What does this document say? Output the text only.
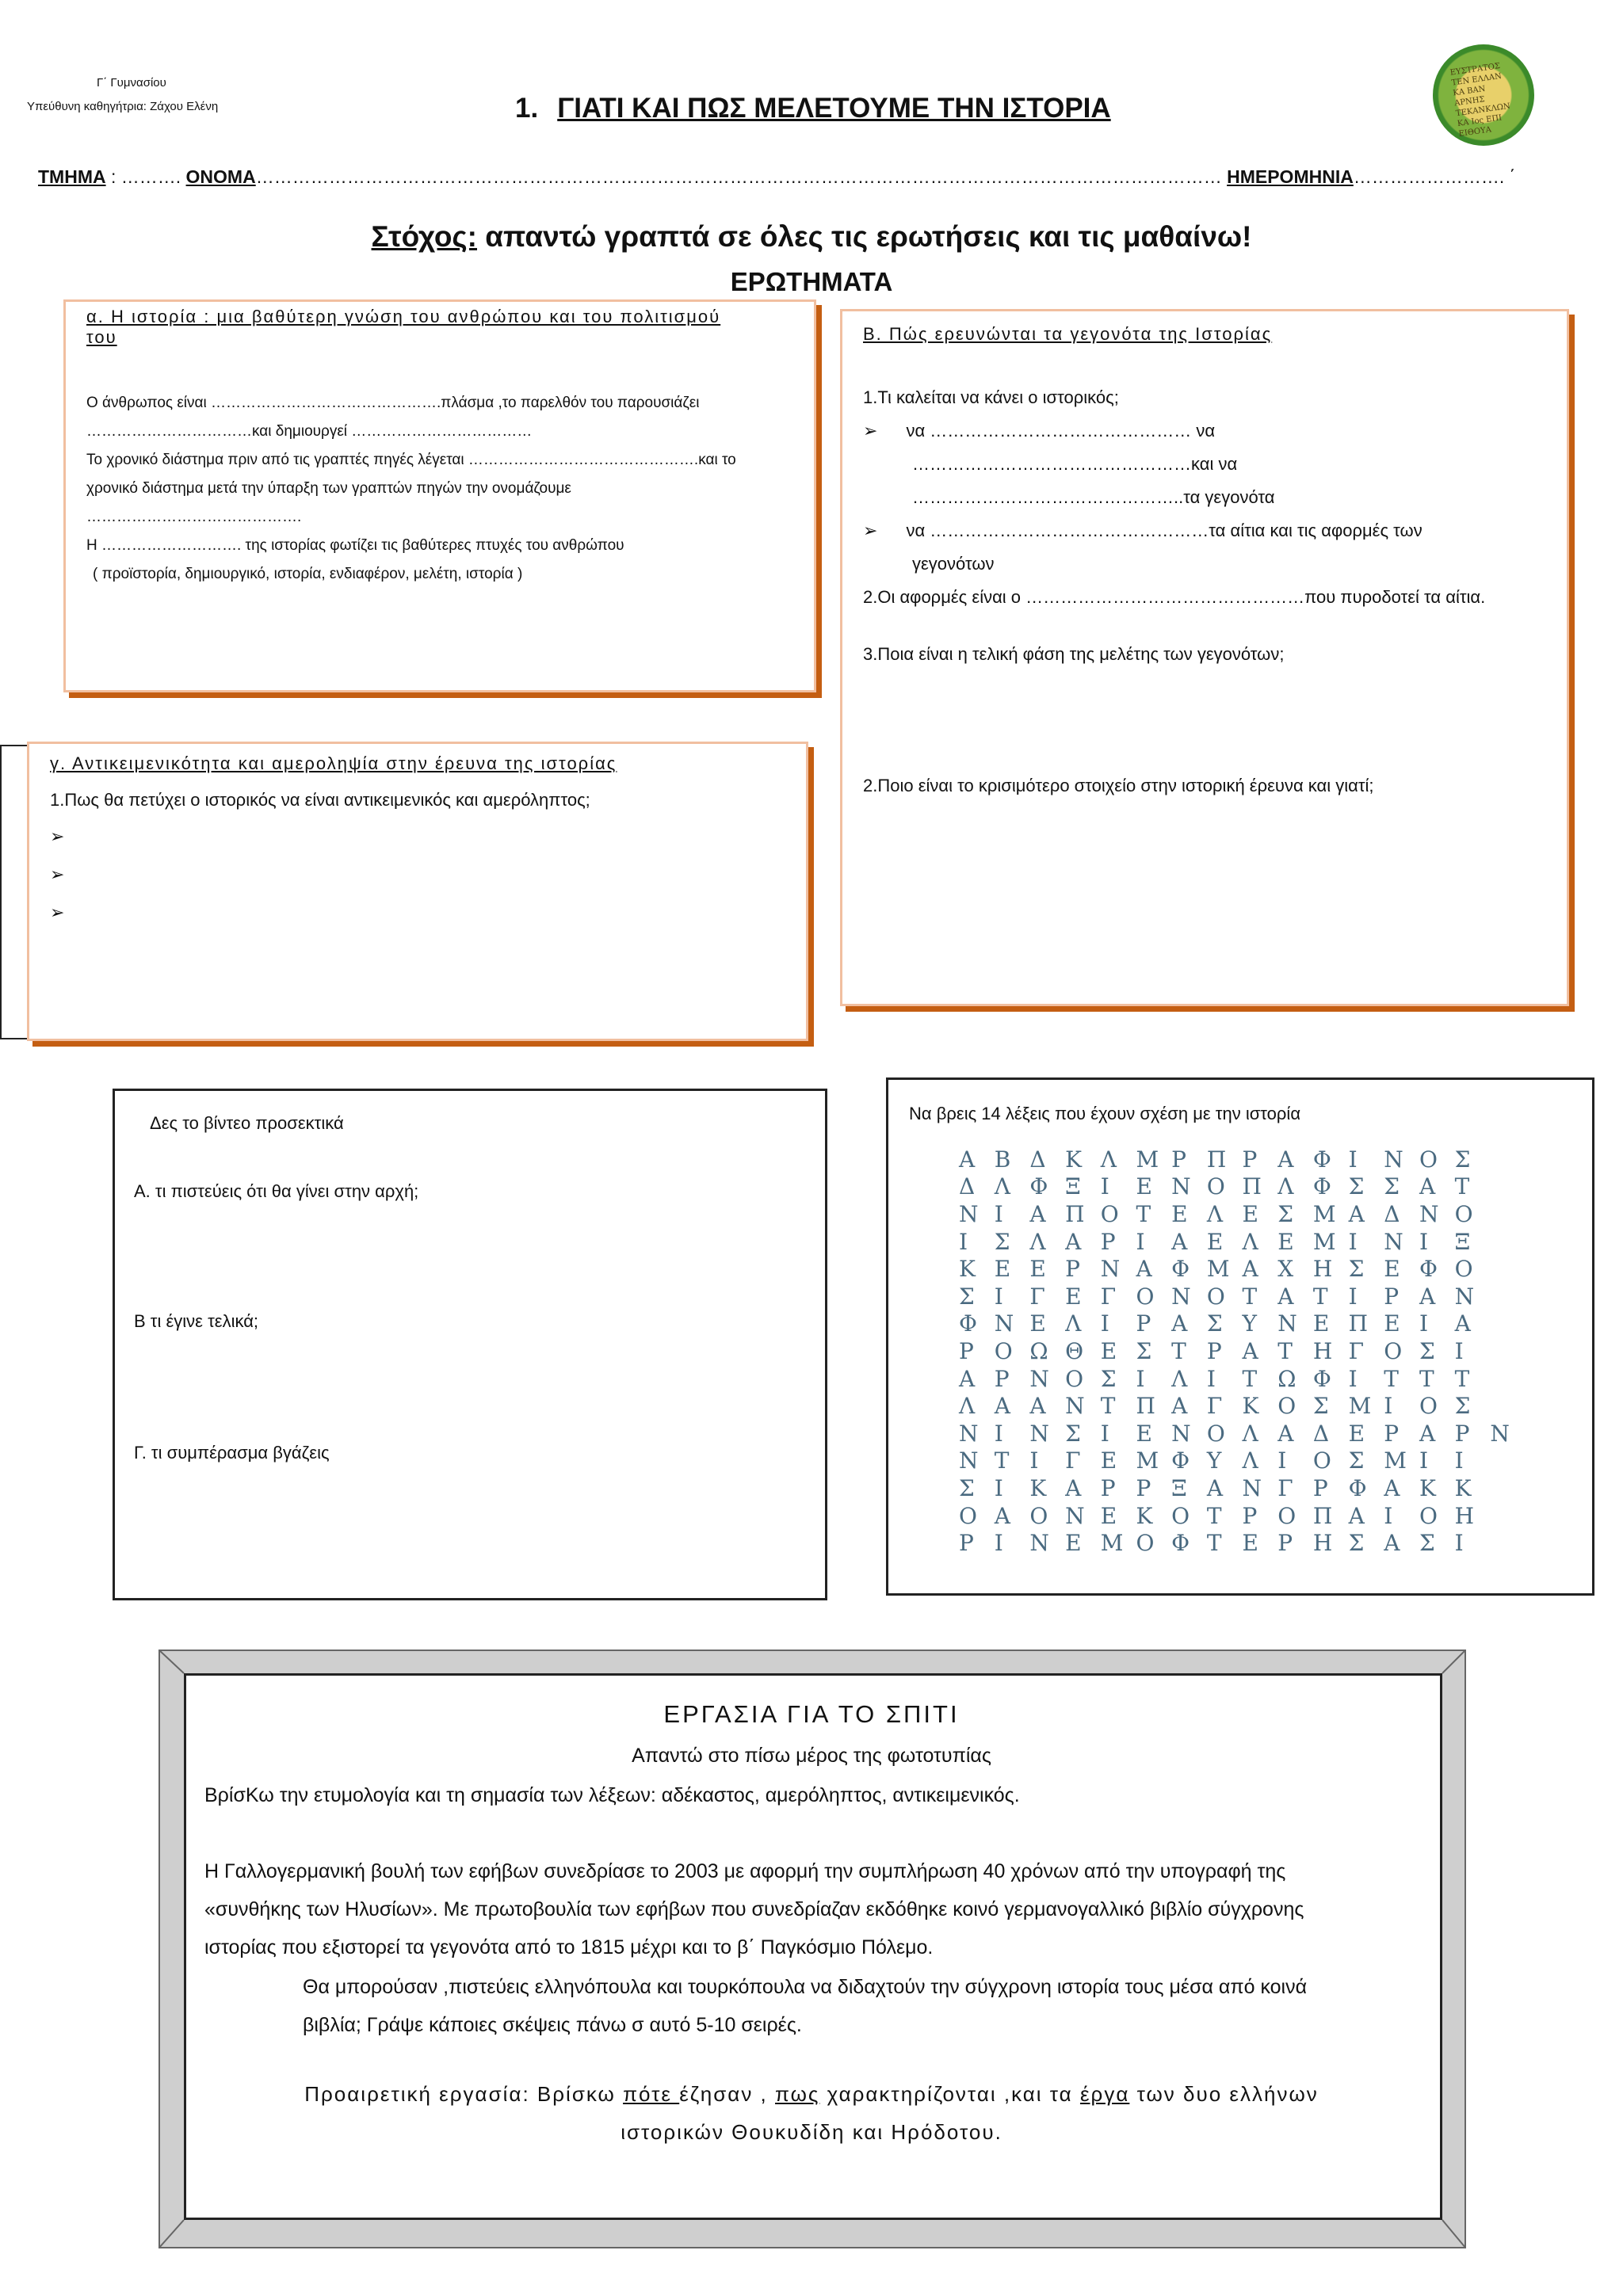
Γ΄ Γυμνασίου
Υπεύθυνη καθηγήτρια: Ζάχου Ελένη	1. ΓΙΑΤΙ ΚΑΙ ΠΩΣ ΜΕΛΕΤΟΥΜΕ ΤΗΝ ΙΣΤΟΡΙΑ
ΕΥΣΤΡΑΤΟΣ ΤΕΝ ΕΛΛΑΝ ΚΑ ΒΑΝ ΑΡΝΗΣ ΤΕΚΑΝΚΛΩΝ ΚΑ Ιος ΕΠΙ ΕΙΘΟΥΑ
ΤΜΗΜΑ : ………. ΟΝΟΜΑ…………………………………………………………………………………………………………………………………………… ΗΜΕΡΟΜΗΝΙΑ……………………. ΄
Στόχος: απαντώ γραπτά σε όλες τις ερωτήσεις και τις μαθαίνω!
ΕΡΩΤΗΜΑΤΑ
α. Η ιστορία : μια βαθύτερη γνώση του ανθρώπου και του πολιτισμού
του
Ο άνθρωπος είναι ……………………………………….πλάσμα ,το παρελθόν του παρουσιάζει
……………………………και δημιουργεί ………………………………
Το χρονικό διάστημα πριν από τις γραπτές πηγές λέγεται ……………………………………….και το
χρονικό διάστημα μετά την ύπαρξη των γραπτών πηγών την ονομάζουμε
…………………………………….
Η ………………………. της ιστορίας φωτίζει τις βαθύτερες πτυχές του ανθρώπου
( προϊστορία, δημιουργικό, ιστορία, ενδιαφέρον, μελέτη, ιστορία )
Β. Πώς ερευνώνται τα γεγονότα της Ιστορίας
1.Τι καλείται να κάνει ο ιστορικός;
➢ να ……………………………………… να
…………………………………………και να
………………………………………..τα γεγονότα
➢ να …………………………………………τα αίτια και τις αφορμές των
γεγονότων
2.Οι αφορμές είναι ο …………………………………………που πυροδοτεί τα αίτια.
3.Ποια είναι η τελική φάση της μελέτης των γεγονότων;
2.Ποιο είναι το κρισιμότερο στοιχείο στην ιστορική έρευνα και γιατί;
γ. Αντικειμενικότητα και αμεροληψία στην έρευνα της ιστορίας
1.Πως θα πετύχει ο ιστορικός να είναι αντικειμενικός και αμερόληπτος;
➢
➢
➢
Δες το βίντεο προσεκτικά
Α. τι πιστεύεις ότι θα γίνει στην αρχή;
Β τι έγινε τελικά;
Γ. τι συμπέρασμα βγάζεις
Να βρεις 14 λέξεις που έχουν σχέση με την ιστορία
Α Β Δ Κ Λ Μ Ρ Π Ρ Α Φ Ι	Ν Ο Σ
Δ Λ Φ Ξ Ι	Ε Ν Ο Π Λ Φ Σ Σ Α Τ
Ν Ι	Α Π Ο Τ Ε Λ Ε Σ Μ Α Δ Ν Ο
Ι	Σ Λ Α Ρ Ι	Α Ε Λ Ε Μ Ι	Ν Ι	Ξ
Κ Ε Ε Ρ Ν Α Φ Μ Α Χ Η Σ Ε Φ Ο
Σ Ι	Γ Ε Γ Ο Ν Ο Τ Α Τ Ι	Ρ Α Ν
Φ Ν Ε Λ Ι	Ρ Α Σ Υ Ν Ε Π Ε Ι	Α
Ρ Ο Ω Θ Ε Σ Τ Ρ Α Τ Η Γ Ο Σ Ι
Α Ρ Ν Ο Σ Ι	Λ Ι	Τ Ω Φ Ι	Τ Τ Τ
Λ Α Α Ν Τ Π Α Γ Κ Ο Σ Μ Ι	Ο Σ
Ν Ι	Ν Σ Ι	Ε Ν Ο Λ Α Δ Ε Ρ Α Ρ Ν
Ν Τ Ι	Γ Ε Μ Φ Υ Λ Ι	Ο Σ Μ Ι	Ι
Σ Ι	Κ Α Ρ Ρ Ξ Α Ν Γ Ρ Φ Α Κ Κ
Ο Α Ο Ν Ε Κ Ο Τ Ρ Ο Π Α Ι	Ο Η
Ρ Ι	Ν Ε Μ Ο Φ Τ Ε Ρ Η Σ Α Σ Ι
ΕΡΓΑΣΙΑ ΓΙΑ ΤΟ ΣΠΙΤΙ
Απαντώ στο πίσω μέρος της φωτοτυπίας
ΒρίσΚω την ετυμολογία και τη σημασία των λέξεων: αδέκαστος, αμερόληπτος, αντικειμενικός.
Η Γαλλογερμανική βουλή των εφήβων συνεδρίασε το 2003 με αφορμή την συμπλήρωση 40 χρόνων από την υπογραφή της
«συνθήκης των Ηλυσίων». Με πρωτοβουλία των εφήβων που συνεδρίαζαν εκδόθηκε κοινό γερμανογαλλικό βιβλίο σύγχρονης
ιστορίας που εξιστορεί τα γεγονότα από το 1815 μέχρι και το β΄ Παγκόσμιο Πόλεμο.
Θα μπορούσαν ,πιστεύεις ελληνόπουλα και τουρκόπουλα να διδαχτούν την σύγχρονη ιστορία τους μέσα από κοινά
βιβλία; Γράψε κάποιες σκέψεις πάνω σ αυτό 5-10 σειρές.
Προαιρετική εργασία: Βρίσκω πότε έζησαν , πως χαρακτηρίζονται ,και τα έργα των δυο ελλήνων
ιστορικών Θουκυδίδη και Ηρόδοτου.
